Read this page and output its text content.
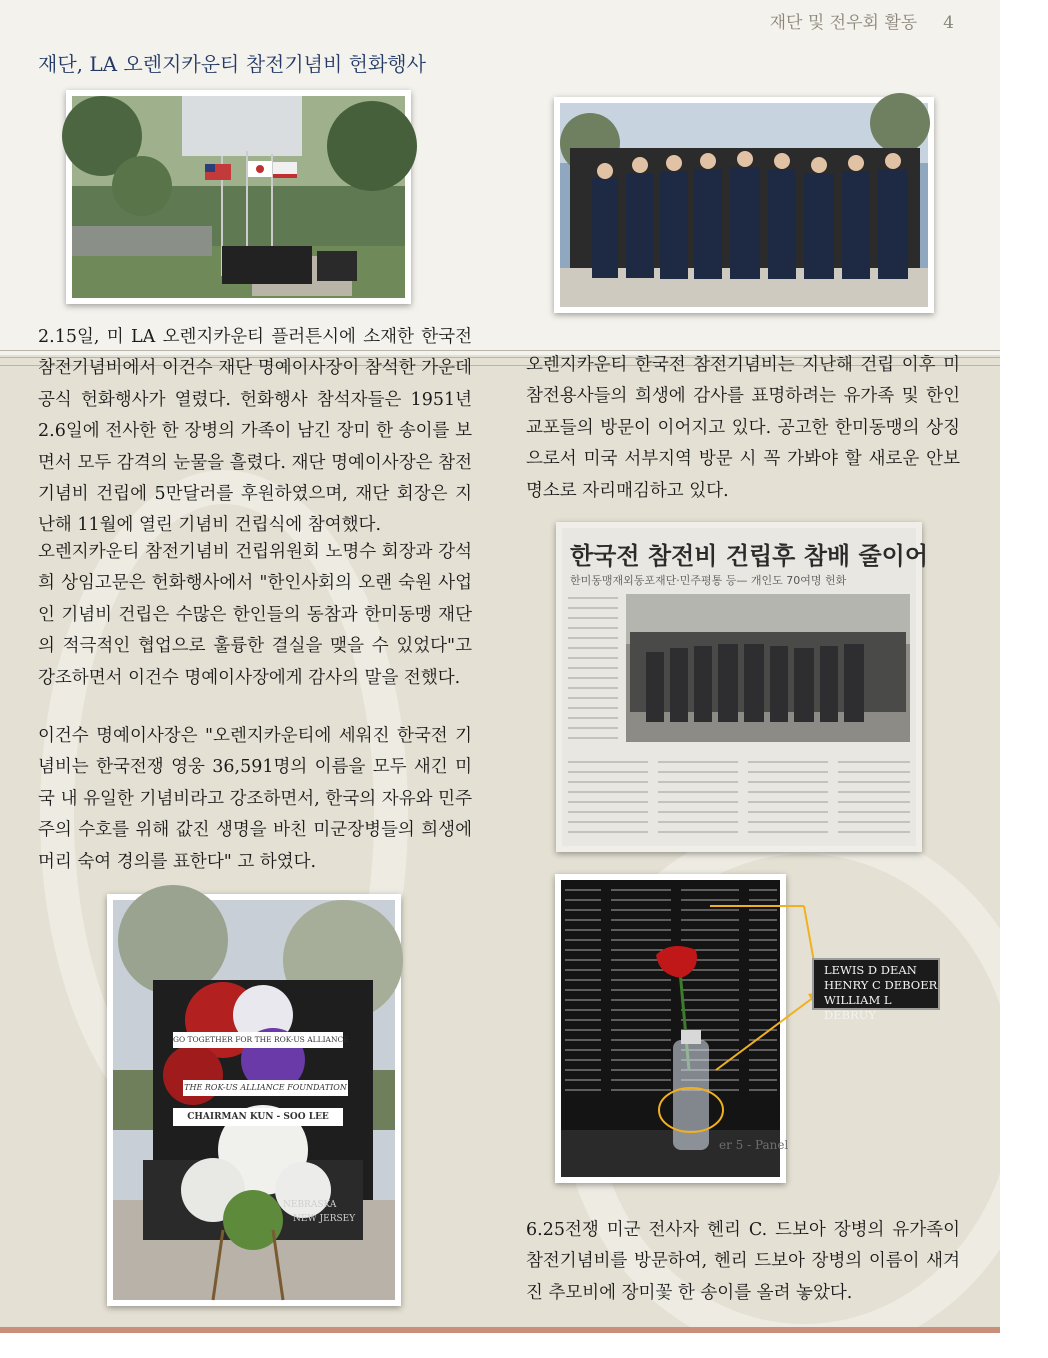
재단 및 전우회 활동 4
재단, LA 오렌지카운티 참전기념비 헌화행사
한국전 참전비 건립후 참배 줄이어
한미동맹재외동포재단·민주평통 등— 개인도 70여명 헌화
GO TOGETHER FOR THE ROK-US ALLIANCE
THE ROK-US ALLIANCE FOUNDATION
CHAIRMAN KUN - SOO LEE
NEBRASKA
NEW JERSEY
er 5 - Panel
LEWIS D DEAN
HENRY C DEBOER
WILLIAM L DEBRUY
2.15일, 미 LA 오렌지카운티 플러튼시에 소재한 한국전 참전기념비에서 이건수 재단 명예이사장이 참석한 가운데 공식 헌화행사가 열렸다. 헌화행사 참석자들은 1951년 2.6일에 전사한 한 장병의 가족이 남긴 장미 한 송이를 보면서 모두 감격의 눈물을 흘렸다. 재단 명예이사장은 참전기념비 건립에 5만달러를 후원하였으며, 재단 회장은 지난해 11월에 열린 기념비 건립식에 참여했다.
오렌지카운티 참전기념비 건립위원회 노명수 회장과 강석희 상임고문은 헌화행사에서 "한인사회의 오랜 숙원 사업인 기념비 건립은 수많은 한인들의 동참과 한미동맹 재단의 적극적인 협업으로 훌륭한 결실을 맺을 수 있었다"고 강조하면서 이건수 명예이사장에게 감사의 말을 전했다.
이건수 명예이사장은 "오렌지카운티에 세워진 한국전 기념비는 한국전쟁 영웅 36,591명의 이름을 모두 새긴 미국 내 유일한 기념비라고 강조하면서, 한국의 자유와 민주주의 수호를 위해 값진 생명을 바친 미군장병들의 희생에 머리 숙여 경의를 표한다" 고 하였다.
오렌지카운티 한국전 참전기념비는 지난해 건립 이후 미 참전용사들의 희생에 감사를 표명하려는 유가족 및 한인 교포들의 방문이 이어지고 있다. 공고한 한미동맹의 상징으로서 미국 서부지역 방문 시 꼭 가봐야 할 새로운 안보 명소로 자리매김하고 있다.
6.25전쟁 미군 전사자 헨리 C. 드보아 장병의 유가족이 참전기념비를 방문하여, 헨리 드보아 장병의 이름이 새겨진 추모비에 장미꽃 한 송이를 올려 놓았다.
